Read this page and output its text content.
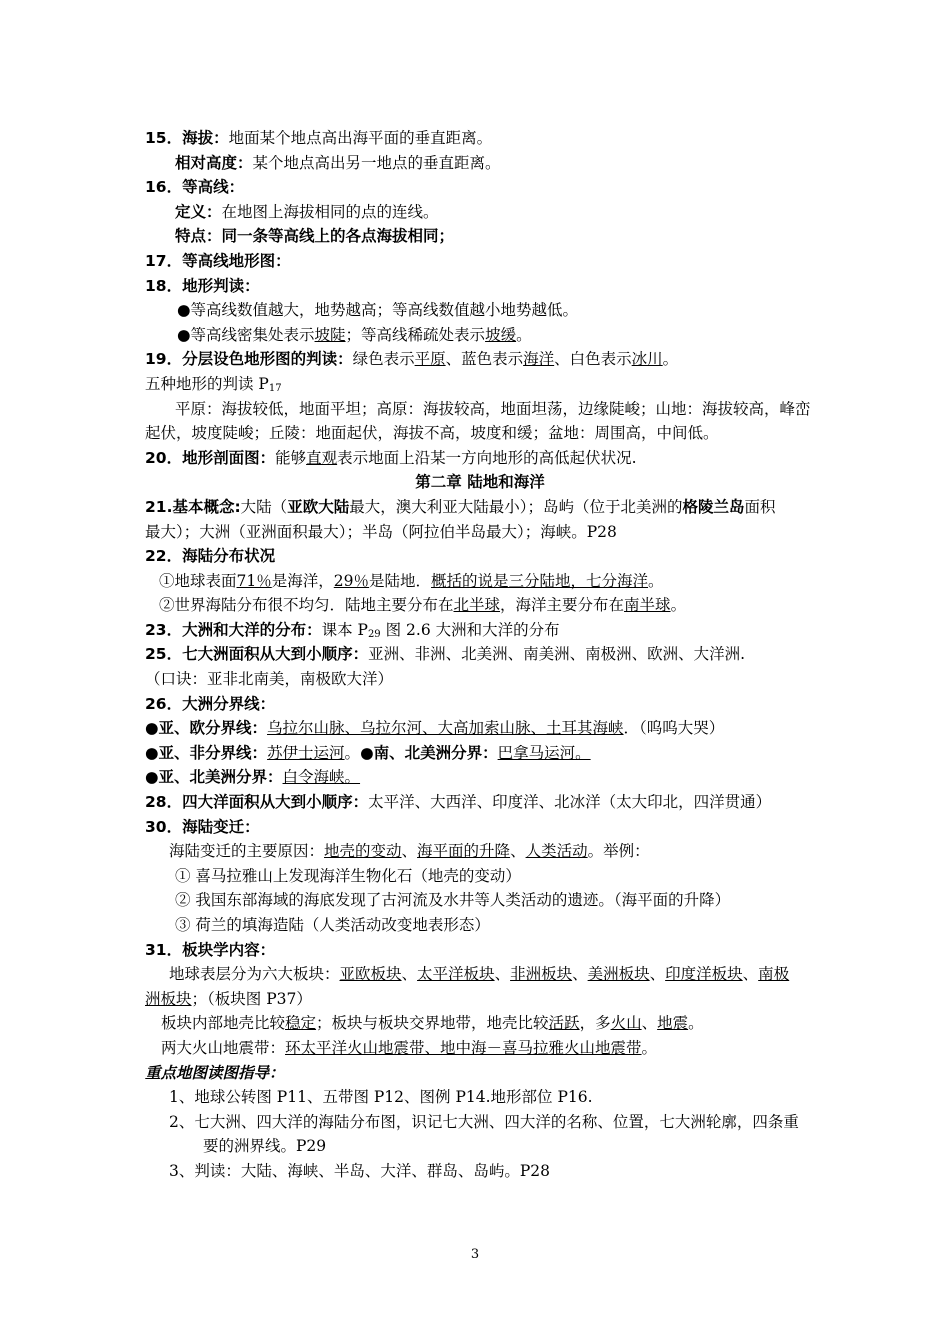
15．海拔：地面某个地点高出海平面的垂直距离。
相对高度：某个地点高出另一地点的垂直距离。
16．等高线：
定义：在地图上海拔相同的点的连线。
特点：同一条等高线上的各点海拔相同；
17．等高线地形图：
18．地形判读：
●等高线数值越大，地势越高；等高线数值越小地势越低。
●等高线密集处表示坡陡；等高线稀疏处表示坡缓。
19．分层设色地形图的判读：绿色表示平原、蓝色表示海洋、白色表示冰川。
五种地形的判读 $P_{17}$
平原：海拔较低，地面平坦；高原：海拔较高，地面坦荡，边缘陡峻；山地：海拔较高，峰峦
起伏，坡度陡峻；丘陵：地面起伏，海拔不高，坡度和缓；盆地：周围高，中间低。
20．地形剖面图：能够直观表示地面上沿某一方向地形的高低起伏状况.
第二章 陆地和海洋
21.基本概念:大陆（亚欧大陆最大，澳大利亚大陆最小）；岛屿（位于北美洲的格陵兰岛面积
最大）；大洲（亚洲面积最大）；半岛（阿拉伯半岛最大）；海峡。P28
22．海陆分布状况
①地球表面71％是海洋，29％是陆地．概括的说是三分陆地，七分海洋。
②世界海陆分布很不均匀．陆地主要分布在北半球，海洋主要分布在南半球。
23．大洲和大洋的分布：课本 $P_{29}$ 图 2.6 大洲和大洋的分布
25．七大洲面积从大到小顺序：亚洲、非洲、北美洲、南美洲、南极洲、欧洲、大洋洲.
（口诀：亚非北南美，南极欧大洋）
26．大洲分界线：
●亚、欧分界线：乌拉尔山脉、乌拉尔河、大高加索山脉、土耳其海峡．（呜呜大哭）
●亚、非分界线：苏伊士运河。●南、北美洲分界：巴拿马运河。
●亚、北美洲分界：白令海峡。
28．四大洋面积从大到小顺序：太平洋、大西洋、印度洋、北冰洋（太大印北，四洋贯通）
30．海陆变迁：
海陆变迁的主要原因：地壳的变动、海平面的升降、人类活动。举例：
① 喜马拉雅山上发现海洋生物化石（地壳的变动）
② 我国东部海域的海底发现了古河流及水井等人类活动的遗迹。（海平面的升降）
③ 荷兰的填海造陆（人类活动改变地表形态）
31．板块学内容：
地球表层分为六大板块：亚欧板块、太平洋板块、非洲板块、美洲板块、印度洋板块、南极
洲板块；（板块图 P37）
板块内部地壳比较稳定；板块与板块交界地带，地壳比较活跃，多火山、地震。
两大火山地震带：环太平洋火山地震带、地中海－喜马拉雅火山地震带。
重点地图读图指导：
1、地球公转图 P11、五带图 P12、图例 P14.地形部位 P16.
2、七大洲、四大洋的海陆分布图，识记七大洲、四大洋的名称、位置，七大洲轮廓，四条重
要的洲界线。P29
3、判读：大陆、海峡、半岛、大洋、群岛、岛屿。P28
3
